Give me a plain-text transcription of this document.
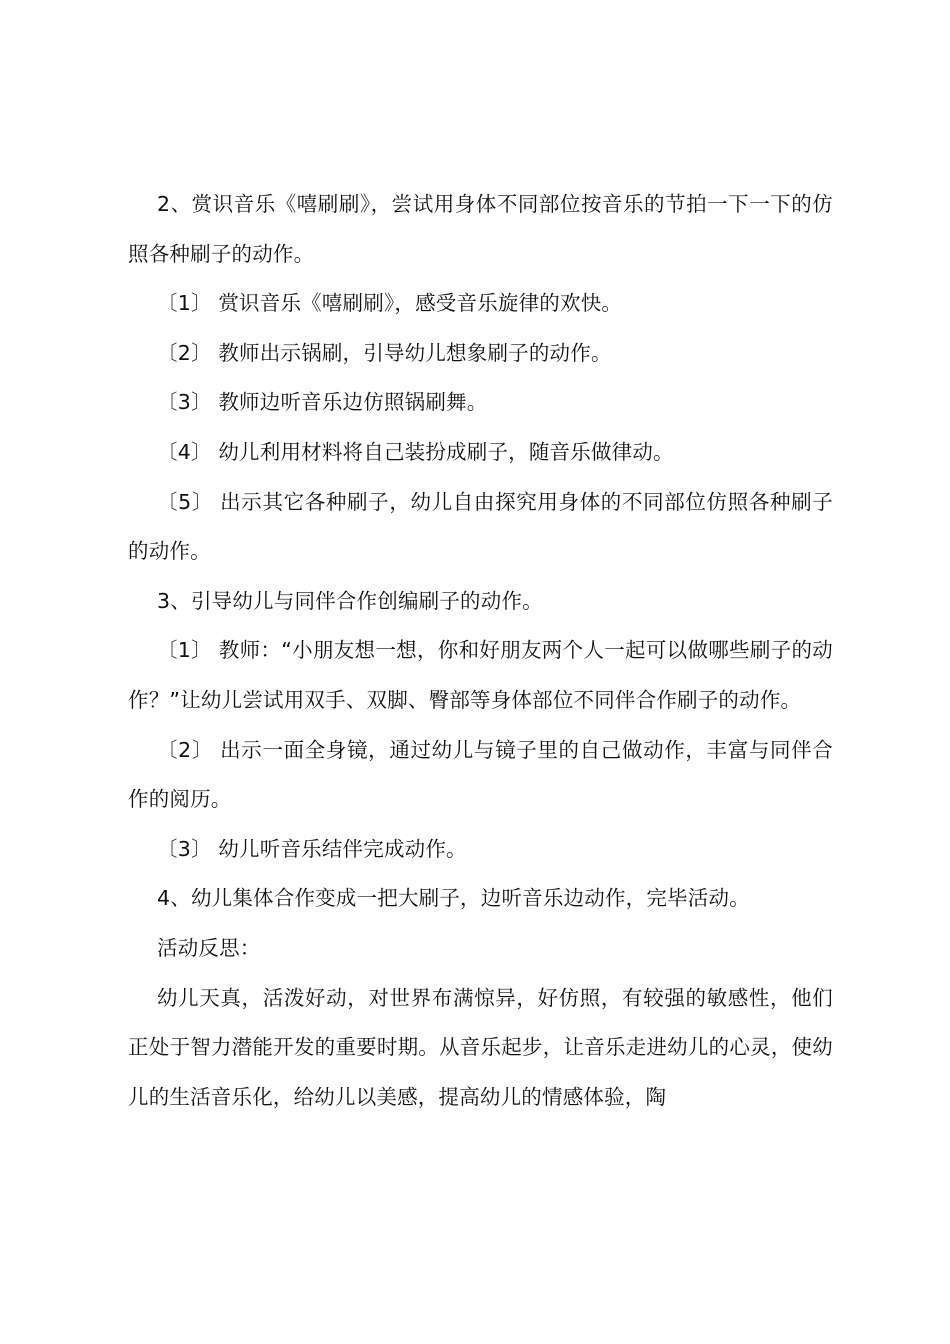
2、赏识音乐《嘻刷刷》，尝试用身体不同部位按音乐的节拍一下一下的仿照各种刷子的动作。

〔1〕 赏识音乐《嘻刷刷》，感受音乐旋律的欢快。

〔2〕 教师出示锅刷，引导幼儿想象刷子的动作。

〔3〕 教师边听音乐边仿照锅刷舞。

〔4〕 幼儿利用材料将自己装扮成刷子，随音乐做律动。

〔5〕 出示其它各种刷子，幼儿自由探究用身体的不同部位仿照各种刷子的动作。

3、引导幼儿与同伴合作创编刷子的动作。

〔1〕 教师：“小朋友想一想，你和好朋友两个人一起可以做哪些刷子的动作？”让幼儿尝试用双手、双脚、臀部等身体部位不同伴合作刷子的动作。

〔2〕 出示一面全身镜，通过幼儿与镜子里的自己做动作，丰富与同伴合作的阅历。

〔3〕 幼儿听音乐结伴完成动作。

4、幼儿集体合作变成一把大刷子，边听音乐边动作，完毕活动。

活动反思：

幼儿天真，活泼好动，对世界布满惊异，好仿照，有较强的敏感性，他们正处于智力潜能开发的重要时期。从音乐起步，让音乐走进幼儿的心灵，使幼儿的生活音乐化，给幼儿以美感，提高幼儿的情感体验，陶
